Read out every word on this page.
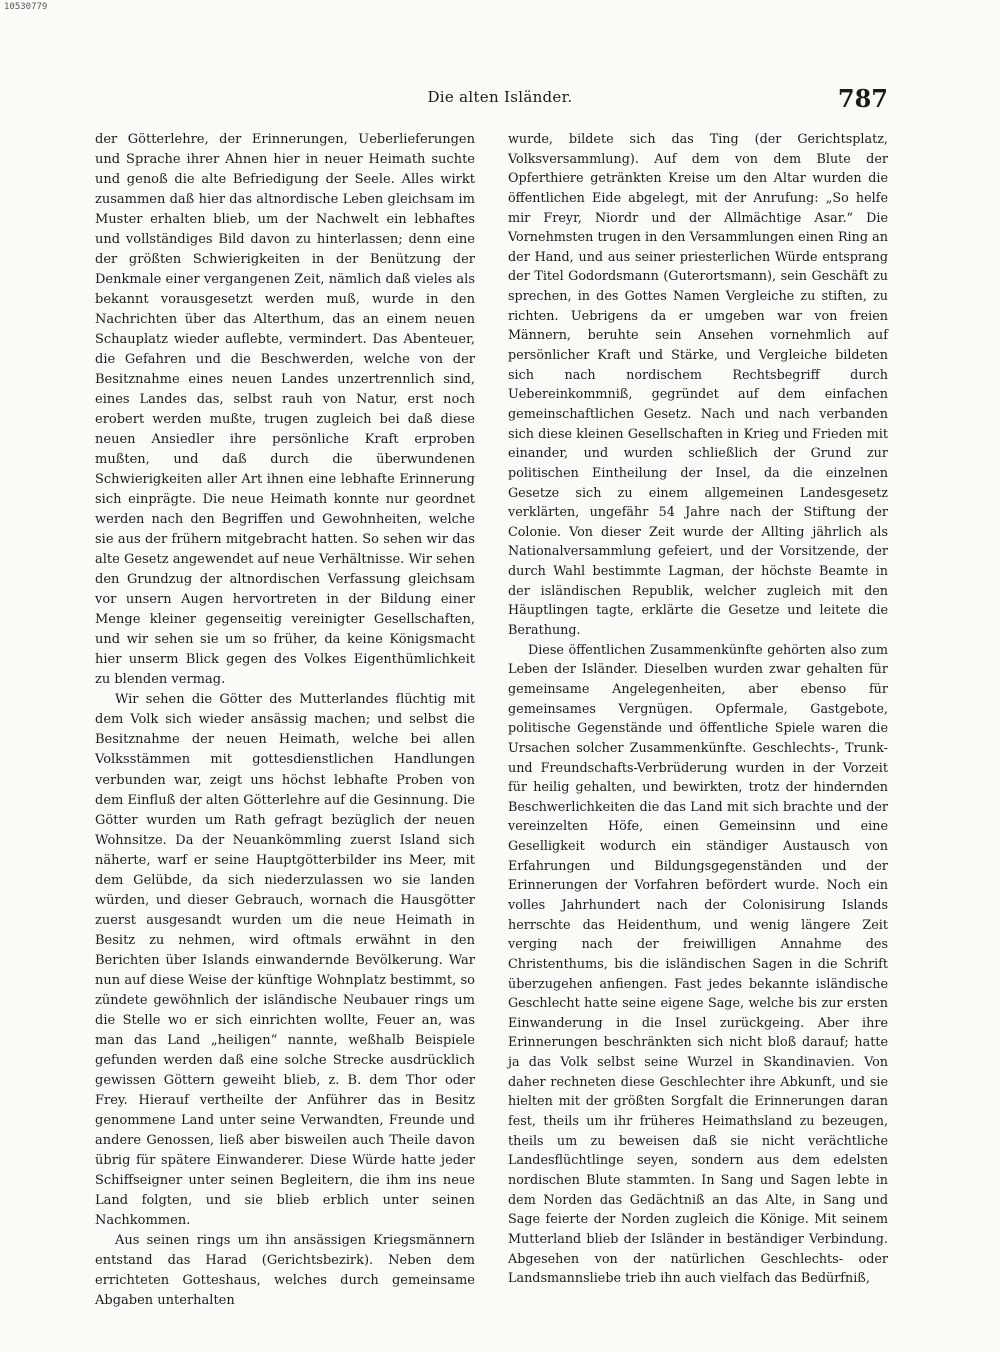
10530779
Die alten Isländer.	787

der Götterlehre, der Erinnerungen, Ueberlieferungen und Sprache ihrer Ahnen hier in neuer Heimath suchte und genoß die alte Befriedigung der Seele. Alles wirkt zusammen daß hier das altnordische Leben gleichsam im Muster erhalten blieb, um der Nachwelt ein lebhaftes und vollständiges Bild davon zu hinterlassen; denn eine der größten Schwierigkeiten in der Benützung der Denkmale einer vergangenen Zeit, nämlich daß vieles als bekannt vorausgesetzt werden muß, wurde in den Nachrichten über das Alterthum, das an einem neuen Schauplatz wieder auflebte, vermindert. Das Abenteuer, die Gefahren und die Beschwerden, welche von der Besitznahme eines neuen Landes unzertrennlich sind, eines Landes das, selbst rauh von Natur, erst noch erobert werden mußte, trugen zugleich bei daß diese neuen Ansiedler ihre persönliche Kraft erproben mußten, und daß durch die überwundenen Schwierigkeiten aller Art ihnen eine lebhafte Erinnerung sich einprägte. Die neue Heimath konnte nur geordnet werden nach den Begriffen und Gewohnheiten, welche sie aus der frühern mitgebracht hatten. So sehen wir das alte Gesetz angewendet auf neue Verhältnisse. Wir sehen den Grundzug der altnordischen Verfassung gleichsam vor unsern Augen hervortreten in der Bildung einer Menge kleiner gegenseitig vereinigter Gesellschaften, und wir sehen sie um so früher, da keine Königsmacht hier unserm Blick gegen des Volkes Eigenthümlichkeit zu blenden vermag.

Wir sehen die Götter des Mutterlandes flüchtig mit dem Volk sich wieder ansässig machen; und selbst die Besitznahme der neuen Heimath, welche bei allen Volksstämmen mit gottesdienstlichen Handlungen verbunden war, zeigt uns höchst lebhafte Proben von dem Einfluß der alten Götterlehre auf die Gesinnung. Die Götter wurden um Rath gefragt bezüglich der neuen Wohnsitze. Da der Neuankömmling zuerst Island sich näherte, warf er seine Hauptgötterbilder ins Meer, mit dem Gelübde, da sich niederzulassen wo sie landen würden, und dieser Gebrauch, wornach die Hausgötter zuerst ausgesandt wurden um die neue Heimath in Besitz zu nehmen, wird oftmals erwähnt in den Berichten über Islands einwandernde Bevölkerung. War nun auf diese Weise der künftige Wohnplatz bestimmt, so zündete gewöhnlich der isländische Neubauer rings um die Stelle wo er sich einrichten wollte, Feuer an, was man das Land „heiligen“ nannte, weßhalb Beispiele gefunden werden daß eine solche Strecke ausdrücklich gewissen Göttern geweiht blieb, z. B. dem Thor oder Frey. Hierauf vertheilte der Anführer das in Besitz genommene Land unter seine Verwandten, Freunde und andere Genossen, ließ aber bisweilen auch Theile davon übrig für spätere Einwanderer. Diese Würde hatte jeder Schiffseigner unter seinen Begleitern, die ihm ins neue Land folgten, und sie blieb erblich unter seinen Nachkommen.

Aus seinen rings um ihn ansässigen Kriegsmännern entstand das Harad (Gerichtsbezirk). Neben dem errichteten Gotteshaus, welches durch gemeinsame Abgaben unterhalten

wurde, bildete sich das Ting (der Gerichtsplatz, Volksversammlung). Auf dem von dem Blute der Opferthiere getränkten Kreise um den Altar wurden die öffentlichen Eide abgelegt, mit der Anrufung: „So helfe mir Freyr, Niordr und der Allmächtige Asar.“ Die Vornehmsten trugen in den Versammlungen einen Ring an der Hand, und aus seiner priesterlichen Würde entsprang der Titel Godordsmann (Guterortsmann), sein Geschäft zu sprechen, in des Gottes Namen Vergleiche zu stiften, zu richten. Uebrigens da er umgeben war von freien Männern, beruhte sein Ansehen vornehmlich auf persönlicher Kraft und Stärke, und Vergleiche bildeten sich nach nordischem Rechtsbegriff durch Uebereinkommniß, gegründet auf dem einfachen gemeinschaftlichen Gesetz. Nach und nach verbanden sich diese kleinen Gesellschaften in Krieg und Frieden mit einander, und wurden schließlich der Grund zur politischen Eintheilung der Insel, da die einzelnen Gesetze sich zu einem allgemeinen Landesgesetz verklärten, ungefähr 54 Jahre nach der Stiftung der Colonie. Von dieser Zeit wurde der Allting jährlich als Nationalversammlung gefeiert, und der Vorsitzende, der durch Wahl bestimmte Lagman, der höchste Beamte in der isländischen Republik, welcher zugleich mit den Häuptlingen tagte, erklärte die Gesetze und leitete die Berathung.

Diese öffentlichen Zusammenkünfte gehörten also zum Leben der Isländer. Dieselben wurden zwar gehalten für gemeinsame Angelegenheiten, aber ebenso für gemeinsames Vergnügen. Opfermale, Gastgebote, politische Gegenstände und öffentliche Spiele waren die Ursachen solcher Zusammenkünfte. Geschlechts-, Trunk- und Freundschafts-Verbrüderung wurden in der Vorzeit für heilig gehalten, und bewirkten, trotz der hindernden Beschwerlichkeiten die das Land mit sich brachte und der vereinzelten Höfe, einen Gemeinsinn und eine Geselligkeit wodurch ein ständiger Austausch von Erfahrungen und Bildungsgegenständen und der Erinnerungen der Vorfahren befördert wurde. Noch ein volles Jahrhundert nach der Colonisirung Islands herrschte das Heidenthum, und wenig längere Zeit verging nach der freiwilligen Annahme des Christenthums, bis die isländischen Sagen in die Schrift überzugehen anfiengen. Fast jedes bekannte isländische Geschlecht hatte seine eigene Sage, welche bis zur ersten Einwanderung in die Insel zurückgeing. Aber ihre Erinnerungen beschränkten sich nicht bloß darauf; hatte ja das Volk selbst seine Wurzel in Skandinavien. Von daher rechneten diese Geschlechter ihre Abkunft, und sie hielten mit der größten Sorgfalt die Erinnerungen daran fest, theils um ihr früheres Heimathsland zu bezeugen, theils um zu beweisen daß sie nicht verächtliche Landesflüchtlinge seyen, sondern aus dem edelsten nordischen Blute stammten. In Sang und Sagen lebte in dem Norden das Gedächtniß an das Alte, in Sang und Sage feierte der Norden zugleich die Könige. Mit seinem Mutterland blieb der Isländer in beständiger Verbindung. Abgesehen von der natürlichen Geschlechts- oder Landsmannsliebe trieb ihn auch vielfach das Bedürfniß,
